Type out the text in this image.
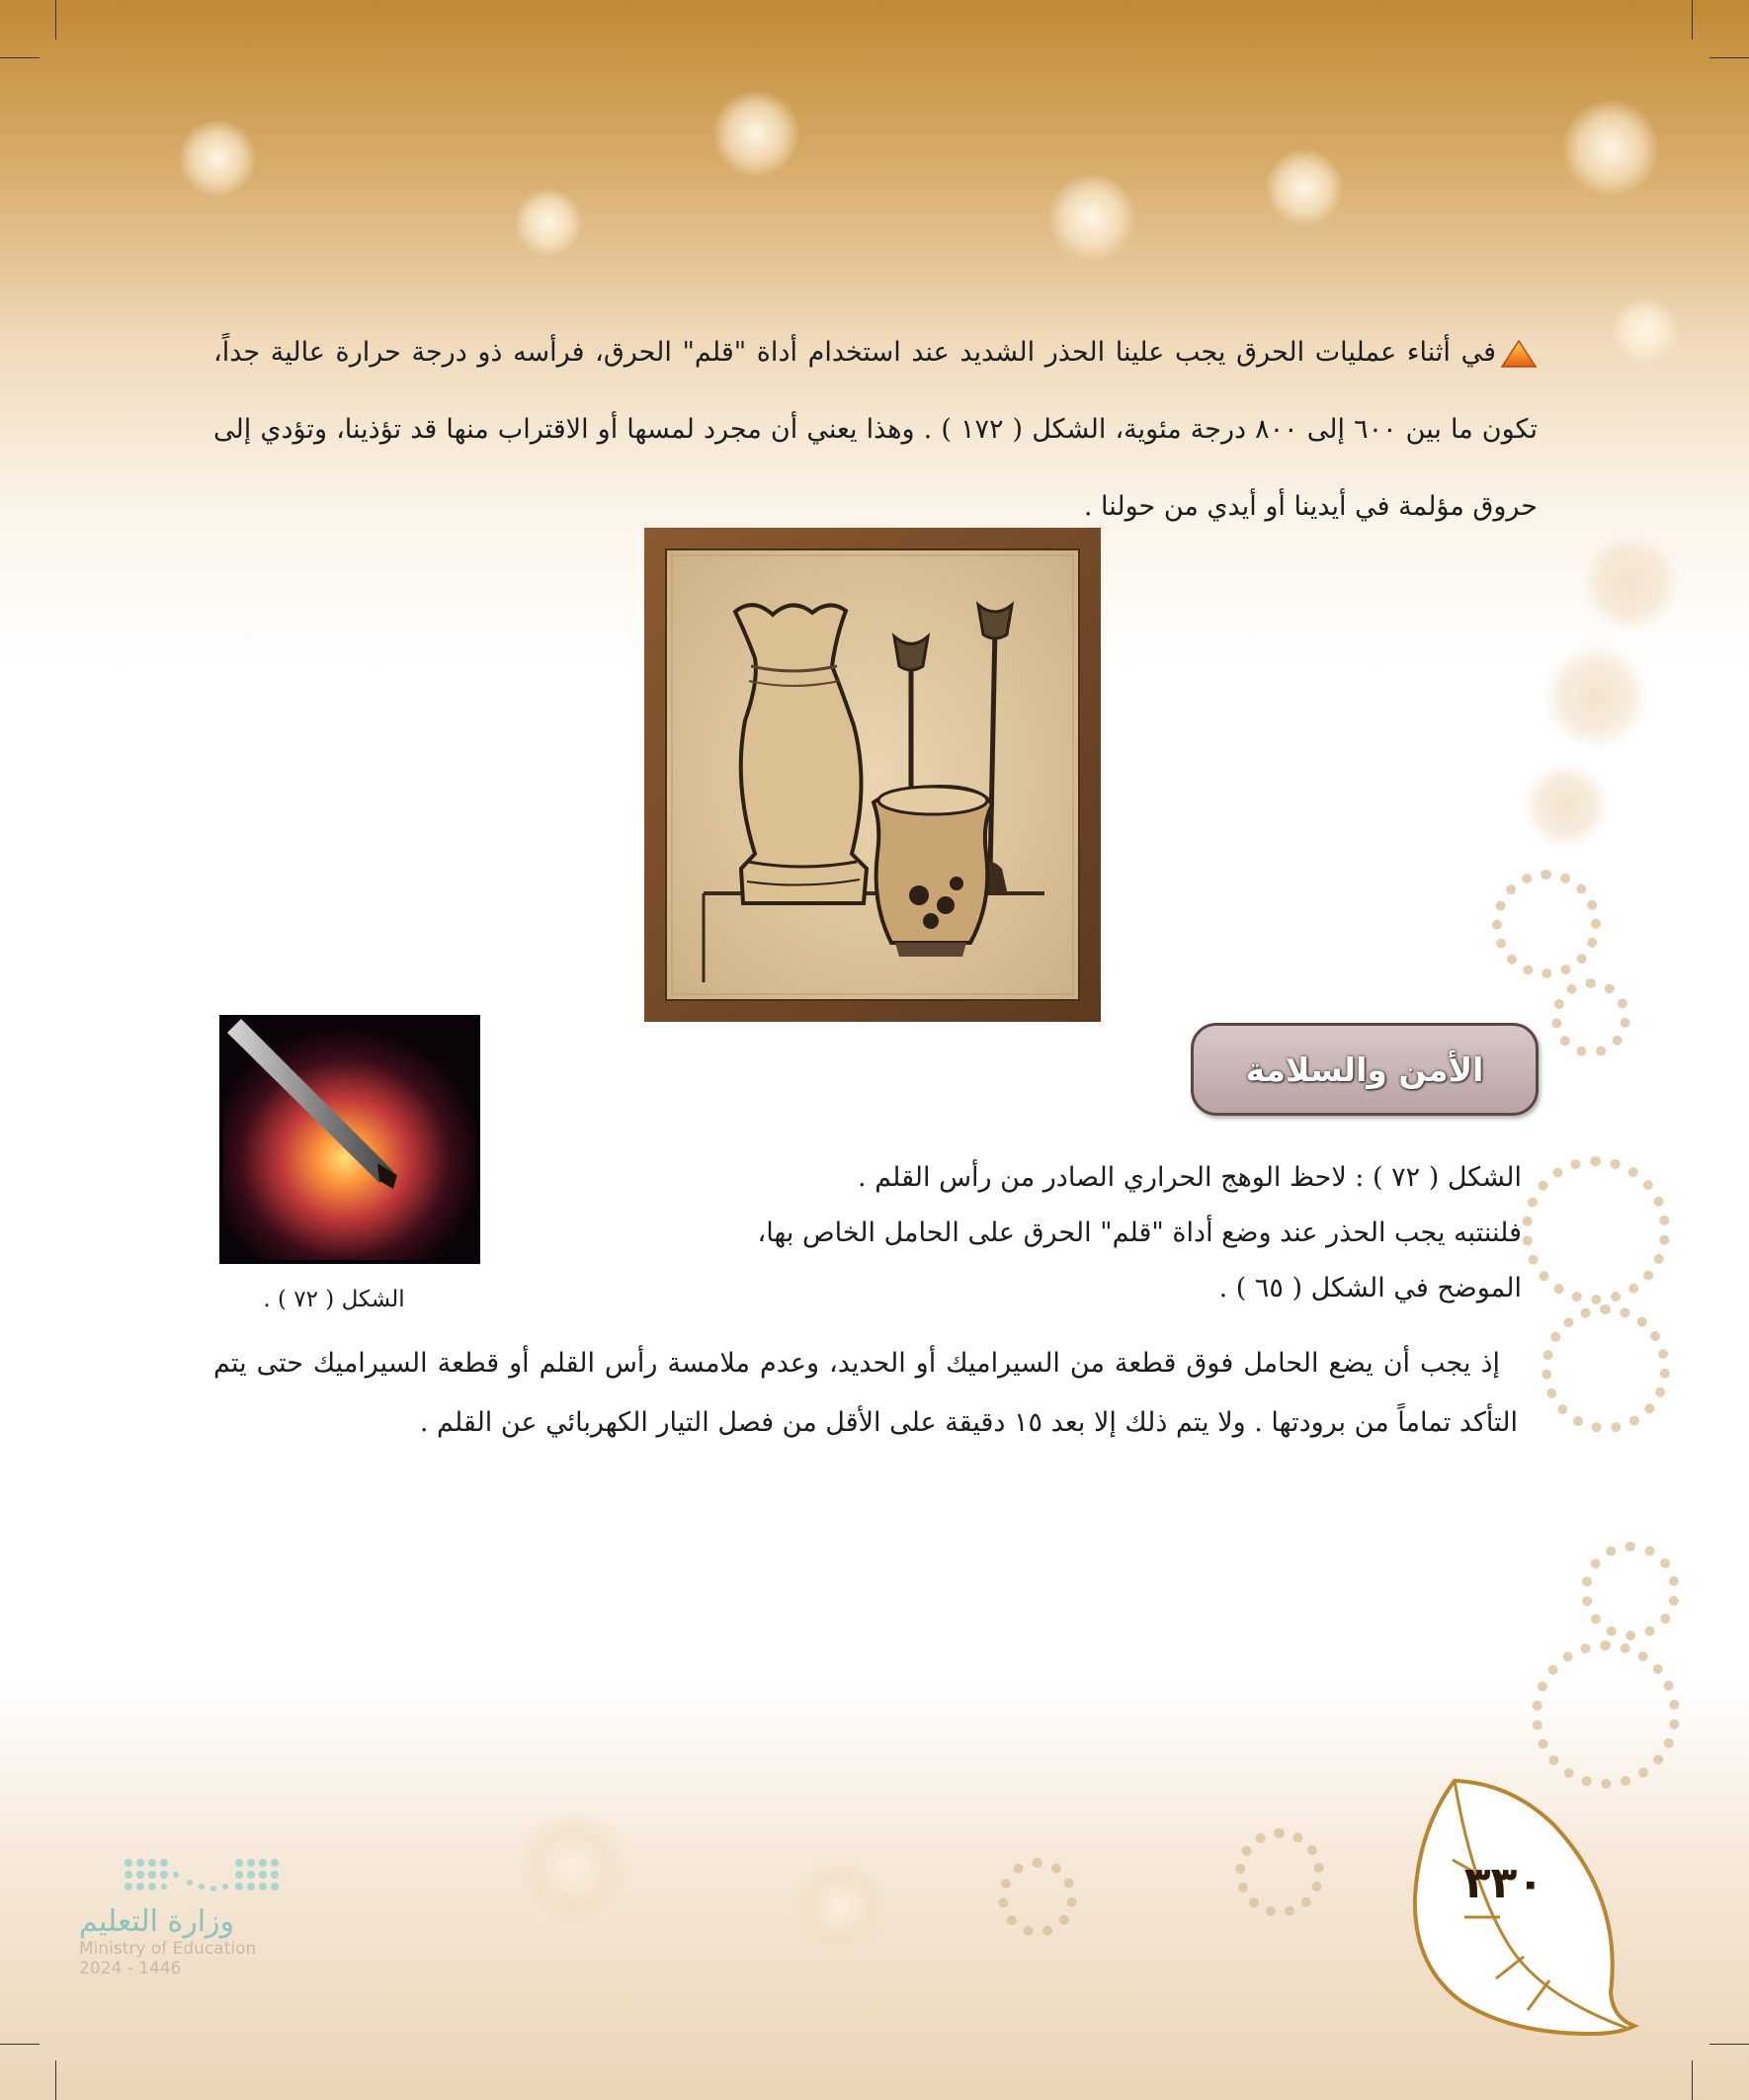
في أثناء عمليات الحرق يجب علينا الحذر الشديد عند استخدام أداة "قلم" الحرق، فرأسه ذو درجة حرارة عالية جداً، تكون ما بين ٦٠٠ إلى ٨٠٠ درجة مئوية، الشكل ( ١٧٢ ) . وهذا يعني أن مجرد لمسها أو الاقتراب منها قد تؤذينا، وتؤدي إلى حروق مؤلمة في أيدينا أو أيدي من حولنا .
الأمن والسلامة
الشكل ( ٧٢ ) .
الشكل ( ٧٢ ) : لاحظ الوهج الحراري الصادر من رأس القلم .
فلننتبه يجب الحذر عند وضع أداة "قلم" الحرق على الحامل الخاص بها،
الموضح في الشكل ( ٦٥ ) .
إذ يجب أن يضع الحامل فوق قطعة من السيراميك أو الحديد، وعدم ملامسة رأس القلم أو قطعة السيراميك حتى يتم التأكد تماماً من برودتها . ولا يتم ذلك إلا بعد ١٥ دقيقة على الأقل من فصل التيار الكهربائي عن القلم .
٣٣٠
وزارة التعليم
Ministry of Education
2024 - 1446
